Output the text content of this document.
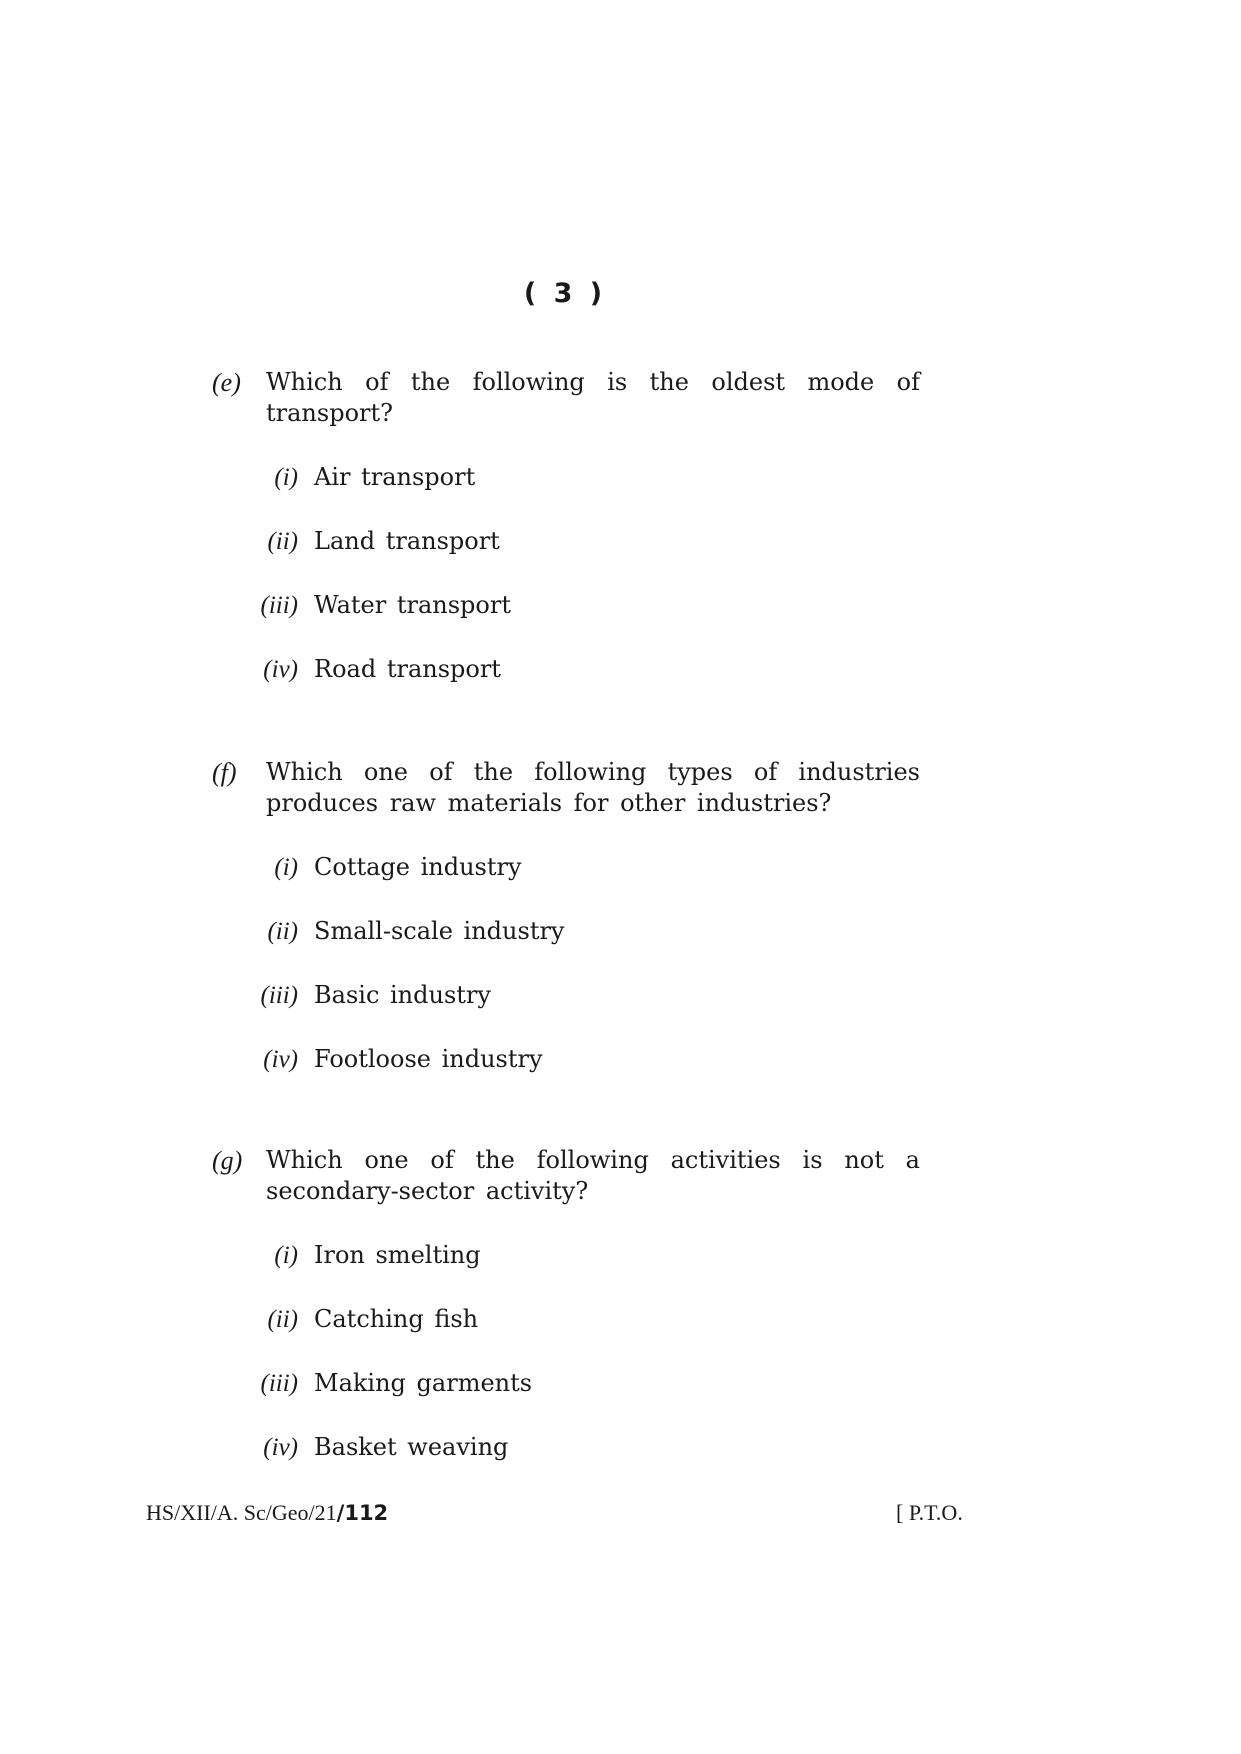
( 3 )
(e) Which of the following is the oldest mode of transport?
(i) Air transport
(ii) Land transport
(iii) Water transport
(iv) Road transport
(f) Which one of the following types of industries produces raw materials for other industries?
(i) Cottage industry
(ii) Small-scale industry
(iii) Basic industry
(iv) Footloose industry
(g) Which one of the following activities is not a secondary-sector activity?
(i) Iron smelting
(ii) Catching fish
(iii) Making garments
(iv) Basket weaving
HS/XII/A. Sc/Geo/21/112	[ P.T.O.
